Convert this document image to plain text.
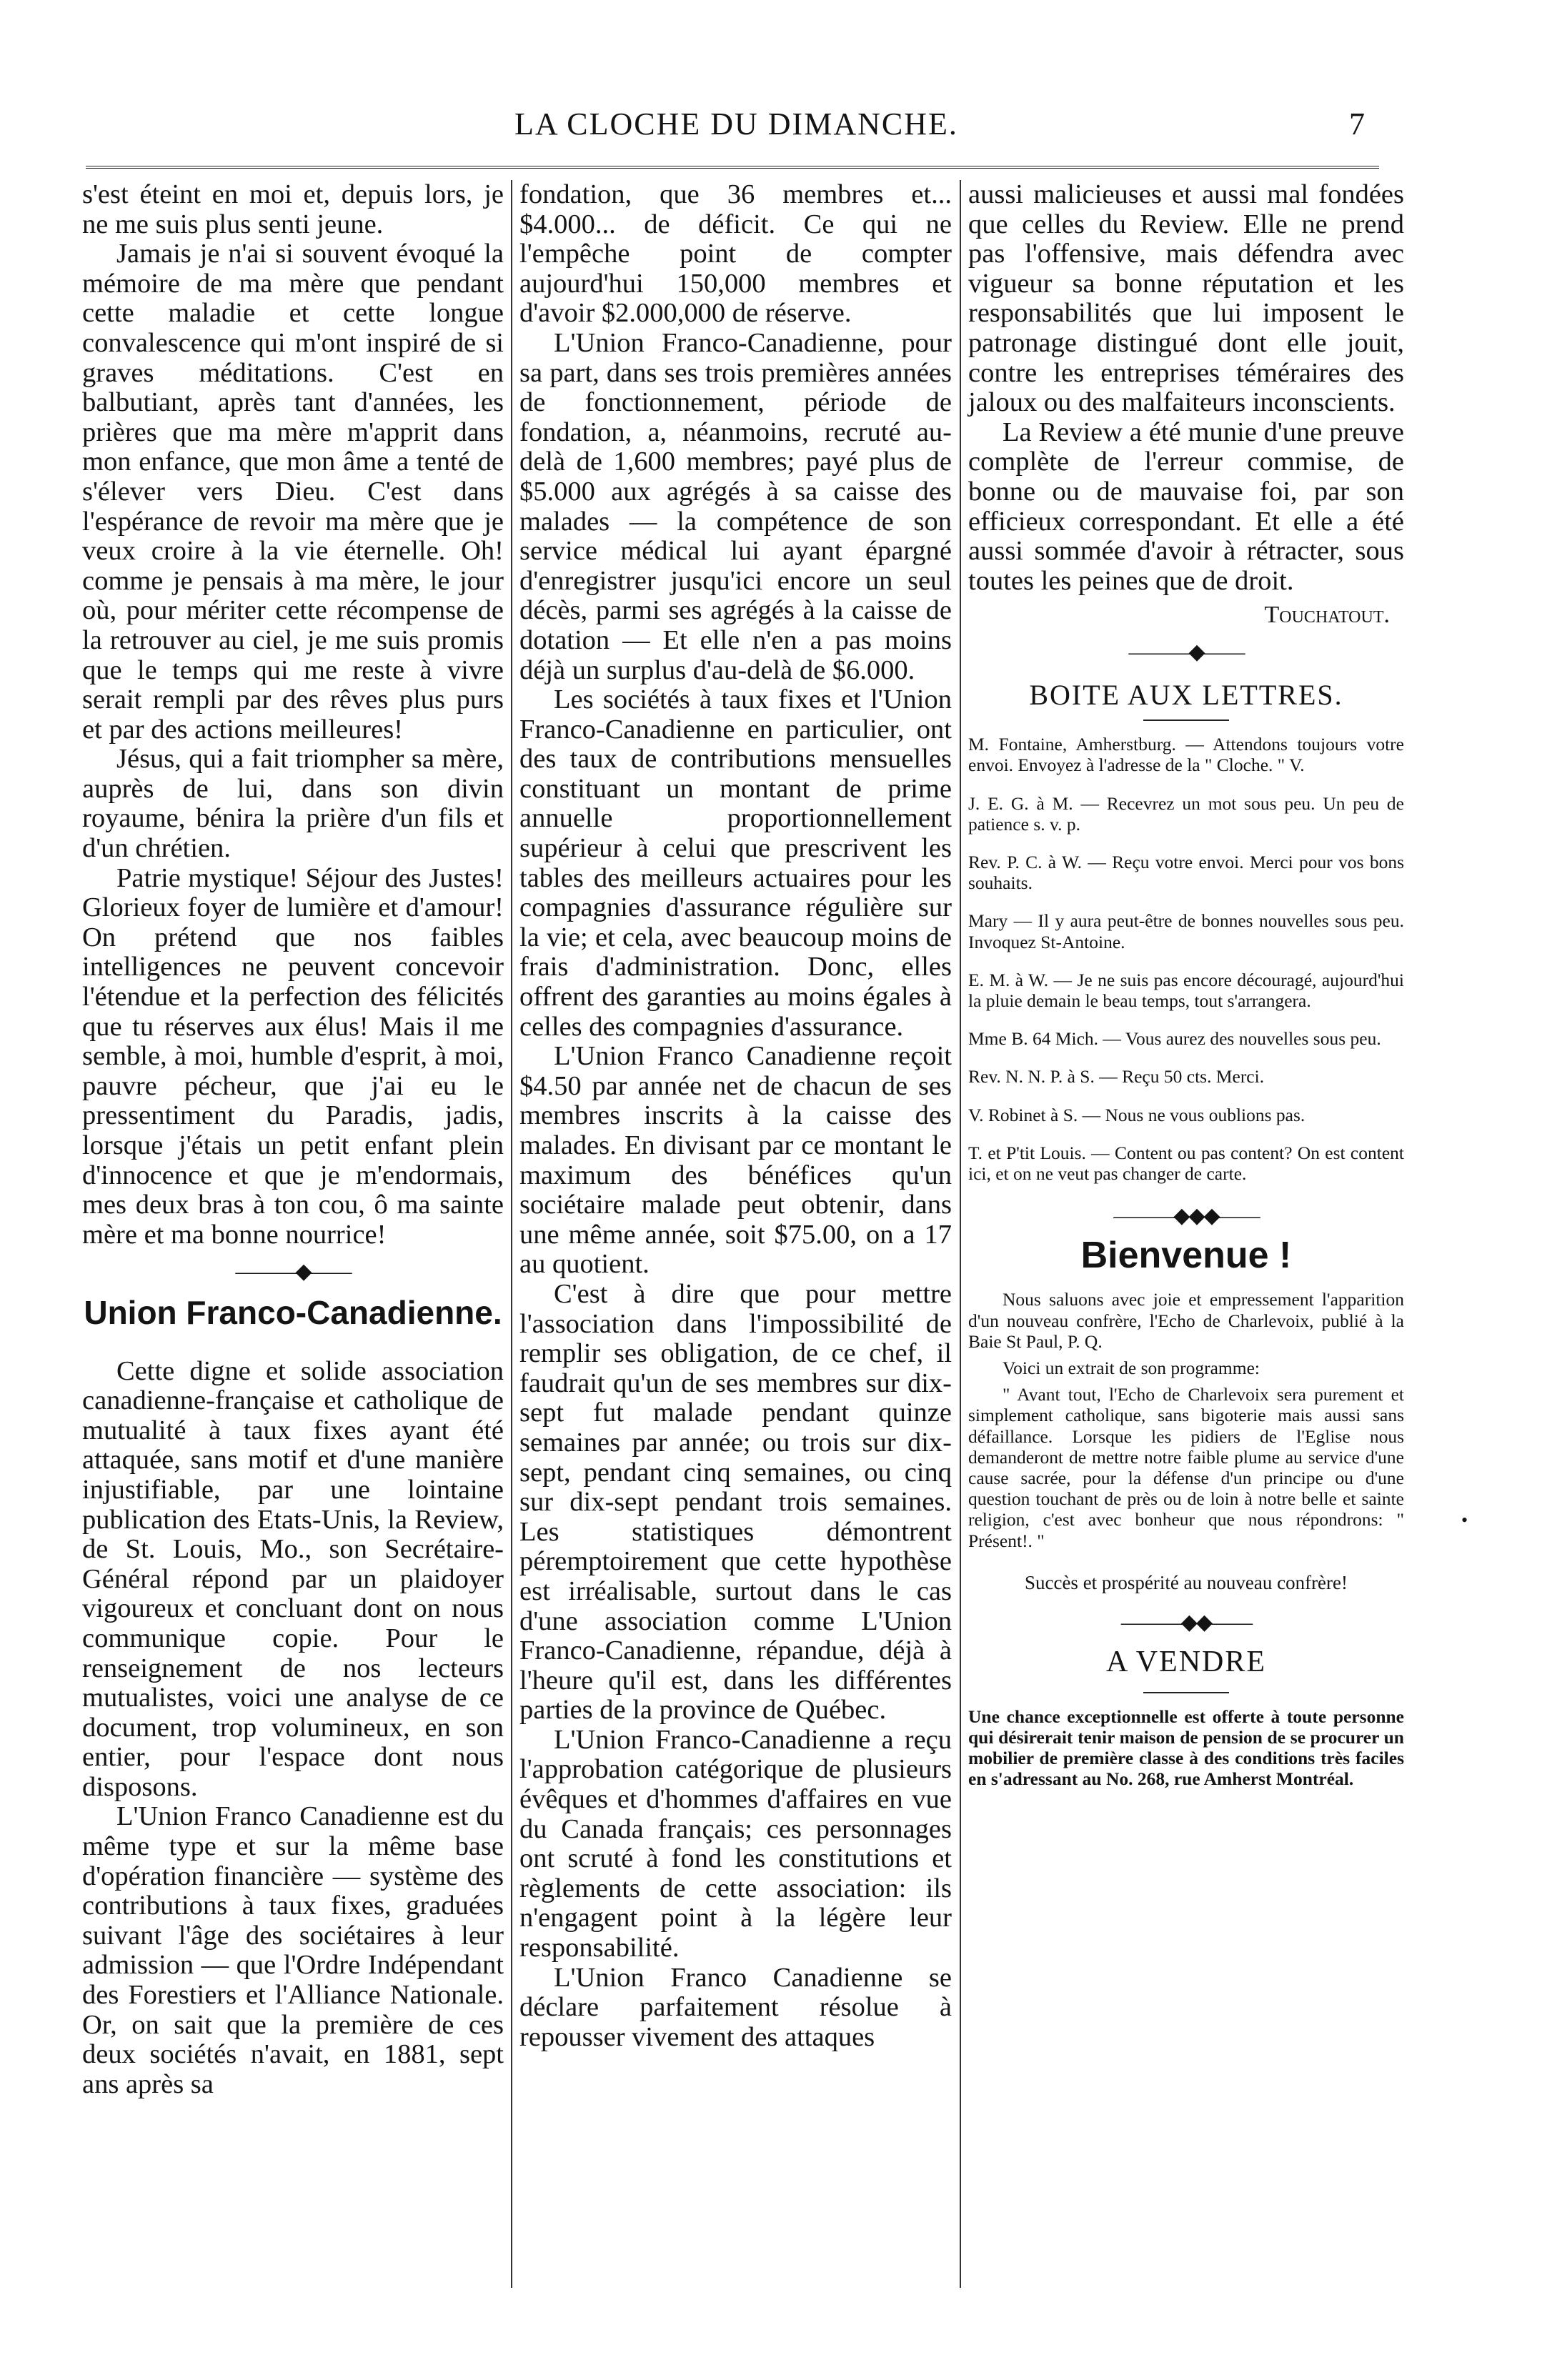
LA CLOCHE DU DIMANCHE.	7

s'est éteint en moi et, depuis lors, je ne me suis plus senti jeune.

Jamais je n'ai si souvent évoqué la mémoire de ma mère que pendant cette maladie et cette longue convalescence qui m'ont inspiré de si graves méditations. C'est en balbutiant, après tant d'années, les prières que ma mère m'apprit dans mon enfance, que mon âme a tenté de s'élever vers Dieu. C'est dans l'espérance de revoir ma mère que je veux croire à la vie éternelle. Oh! comme je pensais à ma mère, le jour où, pour mériter cette récompense de la retrouver au ciel, je me suis promis que le temps qui me reste à vivre serait rempli par des rêves plus purs et par des actions meilleures!

Jésus, qui a fait triompher sa mère, auprès de lui, dans son divin royaume, bénira la prière d'un fils et d'un chrétien.

Patrie mystique! Séjour des Justes! Glorieux foyer de lumière et d'amour! On prétend que nos faibles intelligences ne peuvent concevoir l'étendue et la perfection des félicités que tu réserves aux élus! Mais il me semble, à moi, humble d'esprit, à moi, pauvre pécheur, que j'ai eu le pressentiment du Paradis, jadis, lorsque j'étais un petit enfant plein d'innocence et que je m'endormais, mes deux bras à ton cou, ô ma sainte mère et ma bonne nourrice!

———◆——

Union Franco-Canadienne.

Cette digne et solide association canadienne-française et catholique de mutualité à taux fixes ayant été attaquée, sans motif et d'une manière injustifiable, par une lointaine publication des Etats-Unis, la Review, de St. Louis, Mo., son Secrétaire-Général répond par un plaidoyer vigoureux et concluant dont on nous communique copie. Pour le renseignement de nos lecteurs mutualistes, voici une analyse de ce document, trop volumineux, en son entier, pour l'espace dont nous disposons.

L'Union Franco Canadienne est du même type et sur la même base d'opération financière — système des contributions à taux fixes, graduées suivant l'âge des sociétaires à leur admission — que l'Ordre Indépendant des Forestiers et l'Alliance Nationale. Or, on sait que la première de ces deux sociétés n'avait, en 1881, sept ans après sa

fondation, que 36 membres et... $4.000... de déficit. Ce qui ne l'empêche point de compter aujourd'hui 150,000 membres et d'avoir $2.000,000 de réserve.

L'Union Franco-Canadienne, pour sa part, dans ses trois premières années de fonctionnement, période de fondation, a, néanmoins, recruté au-delà de 1,600 membres; payé plus de $5.000 aux agrégés à sa caisse des malades — la compétence de son service médical lui ayant épargné d'enregistrer jusqu'ici encore un seul décès, parmi ses agrégés à la caisse de dotation — Et elle n'en a pas moins déjà un surplus d'au-delà de $6.000.

Les sociétés à taux fixes et l'Union Franco-Canadienne en particulier, ont des taux de contributions mensuelles constituant un montant de prime annuelle proportionnellement supérieur à celui que prescrivent les tables des meilleurs actuaires pour les compagnies d'assurance régulière sur la vie; et cela, avec beaucoup moins de frais d'administration. Donc, elles offrent des garanties au moins égales à celles des compagnies d'assurance.

L'Union Franco Canadienne reçoit $4.50 par année net de chacun de ses membres inscrits à la caisse des malades. En divisant par ce montant le maximum des bénéfices qu'un sociétaire malade peut obtenir, dans une même année, soit $75.00, on a 17 au quotient.

C'est à dire que pour mettre l'association dans l'impossibilité de remplir ses obligation, de ce chef, il faudrait qu'un de ses membres sur dix-sept fut malade pendant quinze semaines par année; ou trois sur dix-sept, pendant cinq semaines, ou cinq sur dix-sept pendant trois semaines. Les statistiques démontrent péremptoirement que cette hypothèse est irréalisable, surtout dans le cas d'une association comme L'Union Franco-Canadienne, répandue, déjà à l'heure qu'il est, dans les différentes parties de la province de Québec.

L'Union Franco-Canadienne a reçu l'approbation catégorique de plusieurs évêques et d'hommes d'affaires en vue du Canada français; ces personnages ont scruté à fond les constitutions et règlements de cette association: ils n'engagent point à la légère leur responsabilité.

L'Union Franco Canadienne se déclare parfaitement résolue à repousser vivement des attaques

aussi malicieuses et aussi mal fondées que celles du Review. Elle ne prend pas l'offensive, mais défendra avec vigueur sa bonne réputation et les responsabilités que lui imposent le patronage distingué dont elle jouit, contre les entreprises téméraires des jaloux ou des malfaiteurs inconscients.

La Review a été munie d'une preuve complète de l'erreur commise, de bonne ou de mauvaise foi, par son efficieux correspondant. Et elle a été aussi sommée d'avoir à rétracter, sous toutes les peines que de droit.

Touchatout.

———◆——

BOITE AUX LETTRES.

M. Fontaine, Amherstburg. — Attendons toujours votre envoi. Envoyez à l'adresse de la " Cloche. " V.

J. E. G. à M. — Recevrez un mot sous peu. Un peu de patience s. v. p.

Rev. P. C. à W. — Reçu votre envoi. Merci pour vos bons souhaits.

Mary — Il y aura peut-être de bonnes nouvelles sous peu. Invoquez St-Antoine.

E. M. à W. — Je ne suis pas encore découragé, aujourd'hui la pluie demain le beau temps, tout s'arrangera.

Mme B. 64 Mich. — Vous aurez des nouvelles sous peu.

Rev. N. N. P. à S. — Reçu 50 cts. Merci.

V. Robinet à S. — Nous ne vous oublions pas.

T. et P'tit Louis. — Content ou pas content? On est content ici, et on ne veut pas changer de carte.

———◆◆◆——

Bienvenue !

Nous saluons avec joie et empressement l'apparition d'un nouveau confrère, l'Echo de Charlevoix, publié à la Baie St Paul, P. Q.

Voici un extrait de son programme:

" Avant tout, l'Echo de Charlevoix sera purement et simplement catholique, sans bigoterie mais aussi sans défaillance. Lorsque les pidiers de l'Eglise nous demanderont de mettre notre faible plume au service d'une cause sacrée, pour la défense d'un principe ou d'une question touchant de près ou de loin à notre belle et sainte religion, c'est avec bonheur que nous répondrons: " Présent!. "

Succès et prospérité au nouveau confrère!

———◆◆——

A VENDRE

Une chance exceptionnelle est offerte à toute personne qui désirerait tenir maison de pension de se procurer un mobilier de première classe à des conditions très faciles en s'adressant au No. 268, rue Amherst Montréal.

•
